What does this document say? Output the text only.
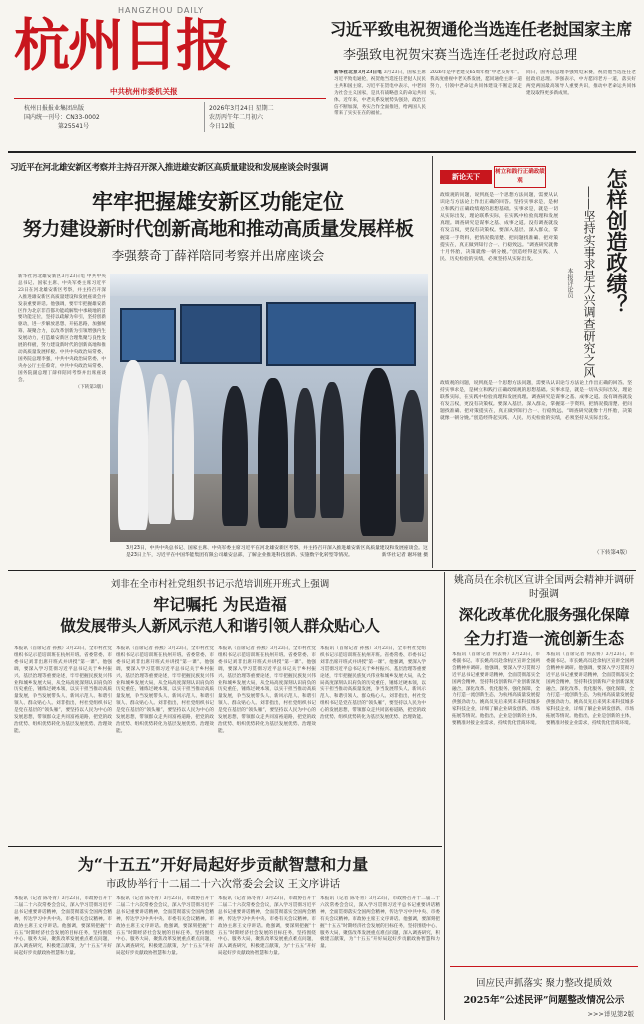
杭州日报
HANGZHOU DAILY
中共杭州市委机关报
杭州日报报业集团出版
国内统一刊号：CN33-0002
第25541号
2026年3月24日 星期二
农历丙午年二月初六
今日12版
习近平致电祝贺通伦当选连任老挝国家主席
李强致电祝贺宋赛当选连任老挝政府总理
新华社北京3月23日电 3月23日，国家主席习近平致电通伦，祝贺他当选连任老挝人民民主共和国主席。习近平在贺电中表示，中老同为社会主义国家，是具有战略意义的命运共同体。近年来，中老关系发展势头强劲，政治互信不断加深，务实合作全面推进，给两国人民带来了实实在在的福祉。
2026年是中老建交65周年暨“中老友好年”。我高度重视中老关系发展，愿同通伦主席一道努力，引领中老命运共同体建设不断走深走实。
同日，国务院总理李强致电宋赛，祝贺他当选连任老挝政府总理。李强表示，中方愿同老方一道，落实好两党两国最高领导人重要共识，推动中老命运共同体建设取得更多新成果。
习近平在河北雄安新区考察并主持召开深入推进雄安新区高质量建设和发展座谈会时强调
牢牢把握雄安新区功能定位
努力建设新时代创新高地和推动高质量发展样板
李强蔡奇丁薛祥陪同考察并出席座谈会
新华社河北雄安新区3月23日电 中共中央总书记、国家主席、中央军委主席习近平23日在河北雄安新区考察，并主持召开深入推进雄安新区高质量建设和发展座谈会并发表重要讲话。他强调，要牢牢把握雄安新区作为北京非首都功能疏解集中承载地的首要功能定位，坚持以疏解为牵引，坚持创新驱动，进一步解放思想、开拓思路，加强统筹、凝聚合力，以改革创新为引领增强内生发展动力，打造雄安新区合理集聚与良性发展的样板，努力建设新时代的创新高地和推动高质量发展样板。中共中央政治局常委、国务院总理李强，中共中央政治局常委、中央办公厅主任蔡奇，中共中央政治局常委、国务院副总理丁薛祥陪同考察并出席座谈会。
（下转第3版）
3月23日，中共中央总书记、国家主席、中央军委主席习近平在河北雄安新区考察，并主持召开深入推进雄安新区高质量建设和发展座谈会。这是23日上午，习近平在中国华能集团有限公司雄安总部，了解企业推进科技创新、实施数字化转型等情况。	新华社记者 谢环驰 摄
新论天下
树立和践行正确政绩观	怎样创造政绩？
——坚持实事求是大兴调查研究之风
本报评论员
政绩观的问题，说到底是一个思想方法问题，需要从认识论与方法论上作出正确的回答。坚持实事求是，是树立和践行正确政绩观的思想基础。实事求是，就是一切从实际出发，理论联系实际，在实践中检验真理和发展真理。调查研究是谋事之基、成事之道。没有调查就没有发言权，更没有决策权。要深入基层、深入群众，掌握第一手资料，把情况摸清楚、把问题找准确、把对策提实在，真正做到知行合一、行稳致远。“调查研究就像十月怀胎，决策就像一朝分娩。”创造经得起实践、人民、历史检验的实绩，必须坚持从实际出发。
政绩观的问题，说到底是一个思想方法问题，需要从认识论与方法论上作出正确的回答。坚持实事求是，是树立和践行正确政绩观的思想基础。实事求是，就是一切从实际出发，理论联系实际，在实践中检验真理和发展真理。调查研究是谋事之基、成事之道。没有调查就没有发言权，更没有决策权。要深入基层、深入群众，掌握第一手资料，把情况摸清楚、把问题找准确、把对策提实在，真正做到知行合一、行稳致远。“调查研究就像十月怀胎，决策就像一朝分娩。”创造经得起实践、人民、历史检验的实绩，必须坚持从实际出发。
（下转第4版）
刘非在全市村社党组织书记示范培训班开班式上强调
牢记嘱托 为民造福
做发展带头人新风示范人和谐引领人群众贴心人
本报讯（首席记者 孙燕）3月23日，全市村社党组织书记示范培训班在杭州开班。省委常委、市委书记刘非出席开班式并讲授“第一课”。他强调，要深入学习贯彻习近平总书记关于乡村振兴、基层治理等重要论述，牢牢把握民族复兴伟业和城乡发展大局，从全局高度深刻认识肩负的历史重任，锤炼过硬本领，以实干担当推动高质量发展，争当发展带头人、新风示范人、和谐引领人、群众贴心人。刘非指出，村社党组织书记是党在基层的“领头雁”，要坚持以人民为中心的发展思想，带领群众走共同富裕道路，把党的政治优势、组织优势转化为基层发展优势、治理效能。
本报讯（首席记者 孙燕）3月23日，全市村社党组织书记示范培训班在杭州开班。省委常委、市委书记刘非出席开班式并讲授“第一课”。他强调，要深入学习贯彻习近平总书记关于乡村振兴、基层治理等重要论述，牢牢把握民族复兴伟业和城乡发展大局，从全局高度深刻认识肩负的历史重任，锤炼过硬本领，以实干担当推动高质量发展，争当发展带头人、新风示范人、和谐引领人、群众贴心人。刘非指出，村社党组织书记是党在基层的“领头雁”，要坚持以人民为中心的发展思想，带领群众走共同富裕道路，把党的政治优势、组织优势转化为基层发展优势、治理效能。
本报讯（首席记者 孙燕）3月23日，全市村社党组织书记示范培训班在杭州开班。省委常委、市委书记刘非出席开班式并讲授“第一课”。他强调，要深入学习贯彻习近平总书记关于乡村振兴、基层治理等重要论述，牢牢把握民族复兴伟业和城乡发展大局，从全局高度深刻认识肩负的历史重任，锤炼过硬本领，以实干担当推动高质量发展，争当发展带头人、新风示范人、和谐引领人、群众贴心人。刘非指出，村社党组织书记是党在基层的“领头雁”，要坚持以人民为中心的发展思想，带领群众走共同富裕道路，把党的政治优势、组织优势转化为基层发展优势、治理效能。
本报讯（首席记者 孙燕）3月23日，全市村社党组织书记示范培训班在杭州开班。省委常委、市委书记刘非出席开班式并讲授“第一课”。他强调，要深入学习贯彻习近平总书记关于乡村振兴、基层治理等重要论述，牢牢把握民族复兴伟业和城乡发展大局，从全局高度深刻认识肩负的历史重任，锤炼过硬本领，以实干担当推动高质量发展，争当发展带头人、新风示范人、和谐引领人、群众贴心人。刘非指出，村社党组织书记是党在基层的“领头雁”，要坚持以人民为中心的发展思想，带领群众走共同富裕道路，把党的政治优势、组织优势转化为基层发展优势、治理效能。
姚高员在余杭区宣讲全国两会精神并调研时强调
深化改革优化服务强化保障
全力打造一流创新生态
本报讯（首席记者 何去将）3月23日，市委副书记、市长姚高员赴余杭区宣讲全国两会精神并调研。他强调，要深入学习贯彻习近平总书记重要讲话精神，全面贯彻落实全国两会精神，坚持科技创新和产业创新深度融合，深化改革、优化服务、强化保障，全力打造一流创新生态，为杭州高质量发展提供强劲动力。姚高员先后来到未来科技城多家科技企业，详细了解企业研发创新、市场拓展等情况。他指出，企业是创新的主体，要精准对接企业需求，持续优化营商环境。
本报讯（首席记者 何去将）3月23日，市委副书记、市长姚高员赴余杭区宣讲全国两会精神并调研。他强调，要深入学习贯彻习近平总书记重要讲话精神，全面贯彻落实全国两会精神，坚持科技创新和产业创新深度融合，深化改革、优化服务、强化保障，全力打造一流创新生态，为杭州高质量发展提供强劲动力。姚高员先后来到未来科技城多家科技企业，详细了解企业研发创新、市场拓展等情况。他指出，企业是创新的主体，要精准对接企业需求，持续优化营商环境。
为“十五五”开好局起好步贡献智慧和力量
市政协举行十二届二十六次常委会会议 王文序讲话
本报讯（记者 陈冬青）3月23日，市政协召开十二届二十六次常委会会议，深入学习贯彻习近平总书记重要讲话精神，全面贯彻落实全国两会精神，传达学习中共中央、市委有关会议精神。市政协主席王文序讲话。他强调，要深刻把握“十五五”时期经济社会发展的目标任务，坚持围绕中心、服务大局，聚焦改革发展重点难点问题，深入调查研究，积极建言献策，为“十五五”开好局起好步贡献政协智慧和力量。
本报讯（记者 陈冬青）3月23日，市政协召开十二届二十六次常委会会议，深入学习贯彻习近平总书记重要讲话精神，全面贯彻落实全国两会精神，传达学习中共中央、市委有关会议精神。市政协主席王文序讲话。他强调，要深刻把握“十五五”时期经济社会发展的目标任务，坚持围绕中心、服务大局，聚焦改革发展重点难点问题，深入调查研究，积极建言献策，为“十五五”开好局起好步贡献政协智慧和力量。
本报讯（记者 陈冬青）3月23日，市政协召开十二届二十六次常委会会议，深入学习贯彻习近平总书记重要讲话精神，全面贯彻落实全国两会精神，传达学习中共中央、市委有关会议精神。市政协主席王文序讲话。他强调，要深刻把握“十五五”时期经济社会发展的目标任务，坚持围绕中心、服务大局，聚焦改革发展重点难点问题，深入调查研究，积极建言献策，为“十五五”开好局起好步贡献政协智慧和力量。
本报讯（记者 陈冬青）3月23日，市政协召开十二届二十六次常委会会议，深入学习贯彻习近平总书记重要讲话精神，全面贯彻落实全国两会精神，传达学习中共中央、市委有关会议精神。市政协主席王文序讲话。他强调，要深刻把握“十五五”时期经济社会发展的目标任务，坚持围绕中心、服务大局，聚焦改革发展重点难点问题，深入调查研究，积极建言献策，为“十五五”开好局起好步贡献政协智慧和力量。
回应民声抓落实 聚力整改提质效
2025年“公述民评”问题整改情况公示
>>>详见第2版
